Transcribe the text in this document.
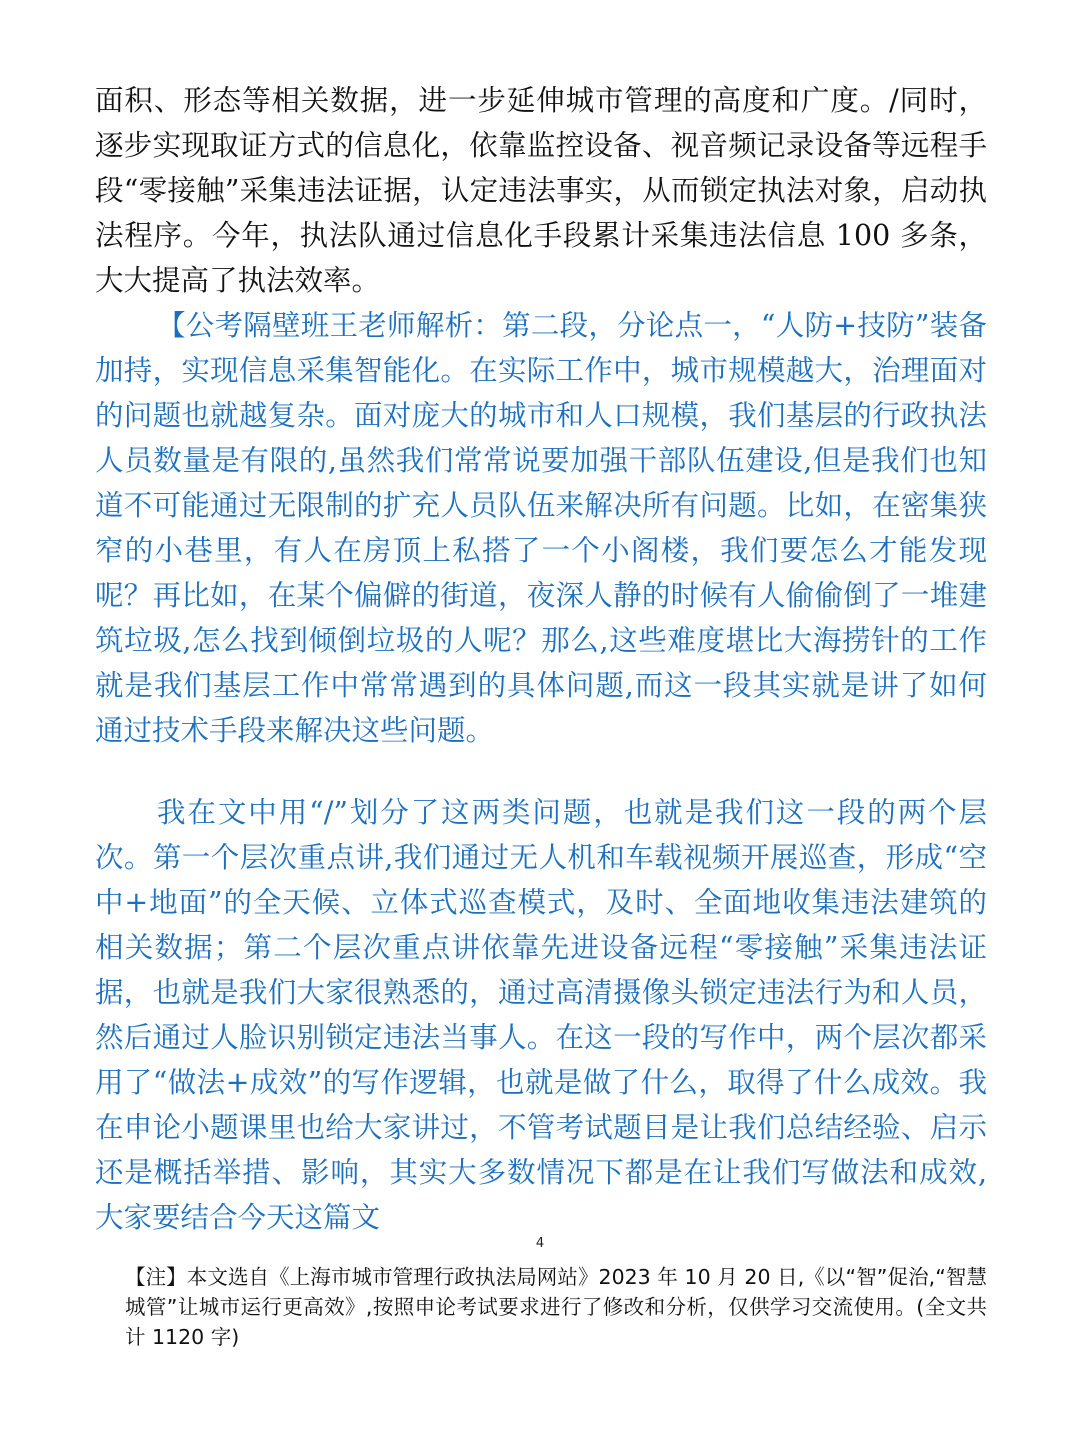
面积、形态等相关数据，进一步延伸城市管理的高度和广度。/同时，逐步实现取证方式的信息化，依靠监控设备、视音频记录设备等远程手段“零接触”采集违法证据，认定违法事实，从而锁定执法对象，启动执法程序。今年，执法队通过信息化手段累计采集违法信息 100 多条，大大提高了执法效率。

【公考隔壁班王老师解析：第二段，分论点一，“人防+技防”装备加持，实现信息采集智能化。在实际工作中，城市规模越大，治理面对的问题也就越复杂。面对庞大的城市和人口规模，我们基层的行政执法人员数量是有限的,虽然我们常常说要加强干部队伍建设,但是我们也知道不可能通过无限制的扩充人员队伍来解决所有问题。比如，在密集狭窄的小巷里，有人在房顶上私搭了一个小阁楼，我们要怎么才能发现呢？再比如，在某个偏僻的街道，夜深人静的时候有人偷偷倒了一堆建筑垃圾,怎么找到倾倒垃圾的人呢？那么,这些难度堪比大海捞针的工作就是我们基层工作中常常遇到的具体问题,而这一段其实就是讲了如何通过技术手段来解决这些问题。

我在文中用“/”划分了这两类问题，也就是我们这一段的两个层次。第一个层次重点讲,我们通过无人机和车载视频开展巡查，形成“空中+地面”的全天候、立体式巡查模式，及时、全面地收集违法建筑的相关数据；第二个层次重点讲依靠先进设备远程“零接触”采集违法证据，也就是我们大家很熟悉的，通过高清摄像头锁定违法行为和人员，然后通过人脸识别锁定违法当事人。在这一段的写作中，两个层次都采用了“做法+成效”的写作逻辑，也就是做了什么，取得了什么成效。我在申论小题课里也给大家讲过，不管考试题目是让我们总结经验、启示还是概括举措、影响，其实大多数情况下都是在让我们写做法和成效,大家要结合今天这篇文

4

【注】本文选自《上海市城市管理行政执法局网站》2023 年 10 月 20 日,《以“智”促治,“智慧城管”让城市运行更高效》,按照申论考试要求进行了修改和分析，仅供学习交流使用。(全文共计 1120 字)
